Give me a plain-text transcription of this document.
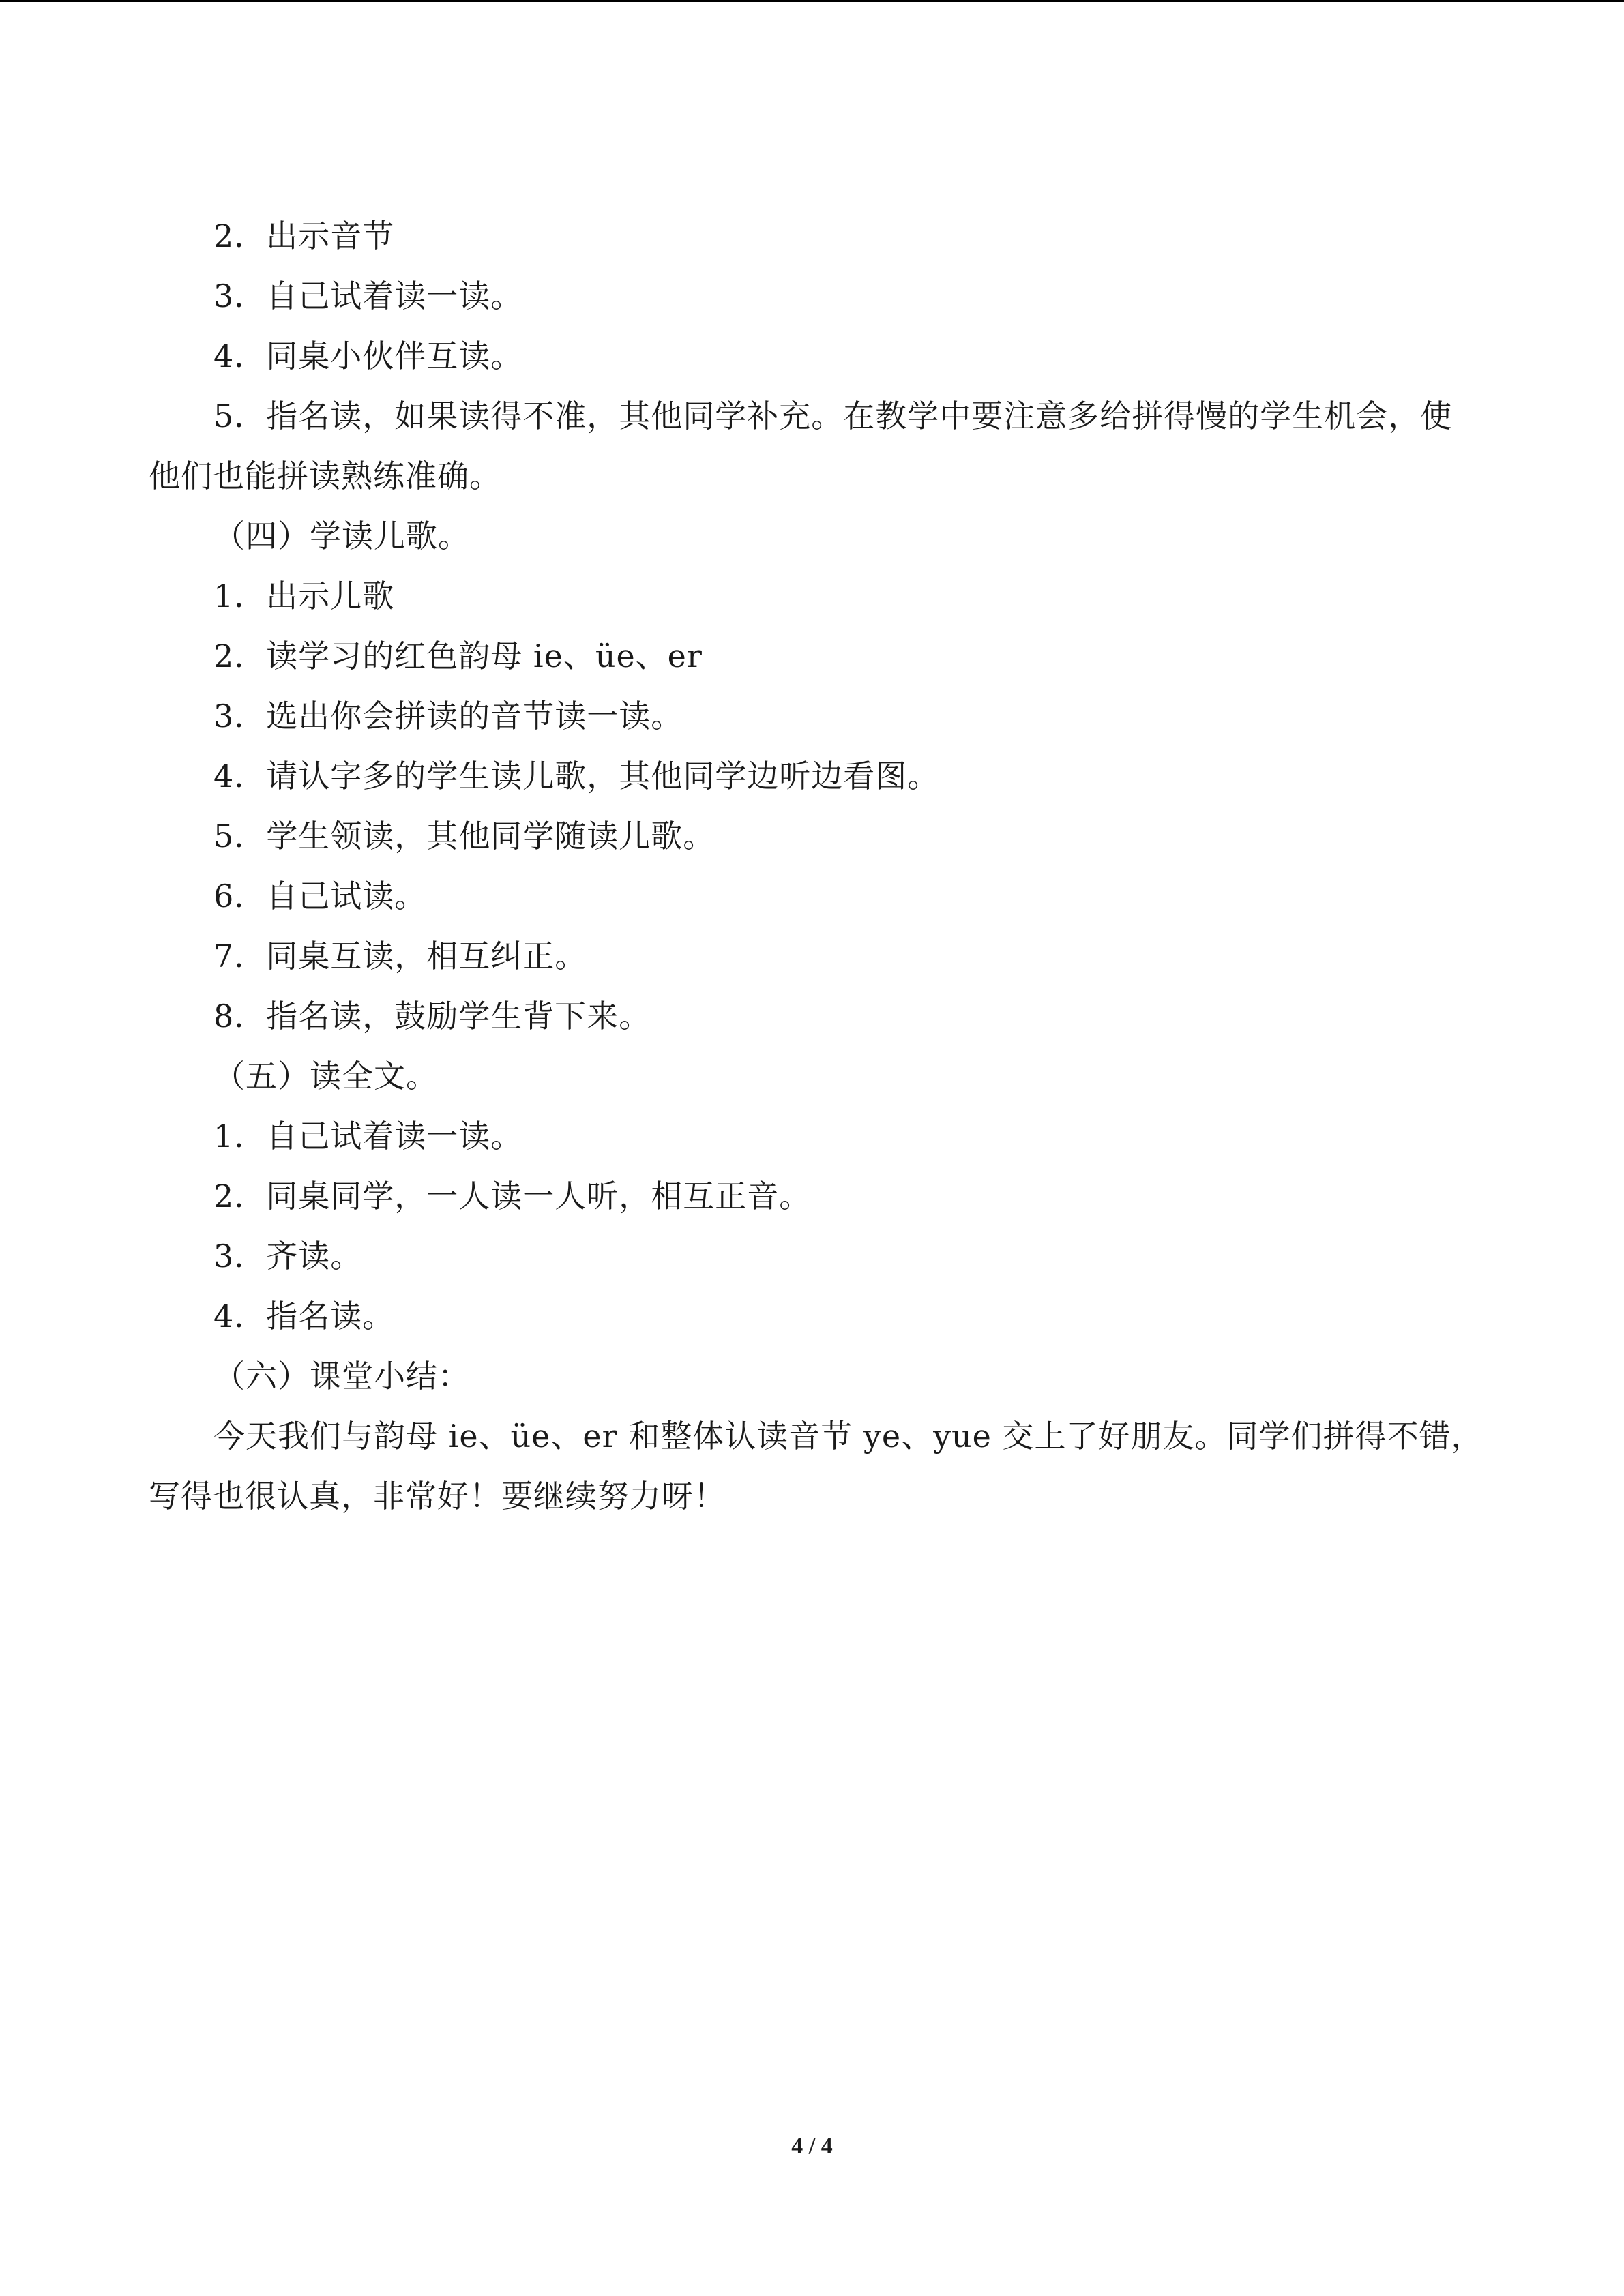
2．出示音节
3．自己试着读一读。
4．同桌小伙伴互读。
5．指名读，如果读得不准，其他同学补充。在教学中要注意多给拼得慢的学生机会，使
他们也能拼读熟练准确。
（四）学读儿歌。
1．出示儿歌
2．读学习的红色韵母 ie、üe、er
3．选出你会拼读的音节读一读。
4．请认字多的学生读儿歌，其他同学边听边看图。
5．学生领读，其他同学随读儿歌。
6．自己试读。
7．同桌互读，相互纠正。
8．指名读，鼓励学生背下来。
（五）读全文。
1．自己试着读一读。
2．同桌同学，一人读一人听，相互正音。
3．齐读。
4．指名读。
（六）课堂小结：
今天我们与韵母 ie、üe、er 和整体认读音节 ye、yue 交上了好朋友。同学们拼得不错，
写得也很认真，非常好！要继续努力呀！
4 / 4
